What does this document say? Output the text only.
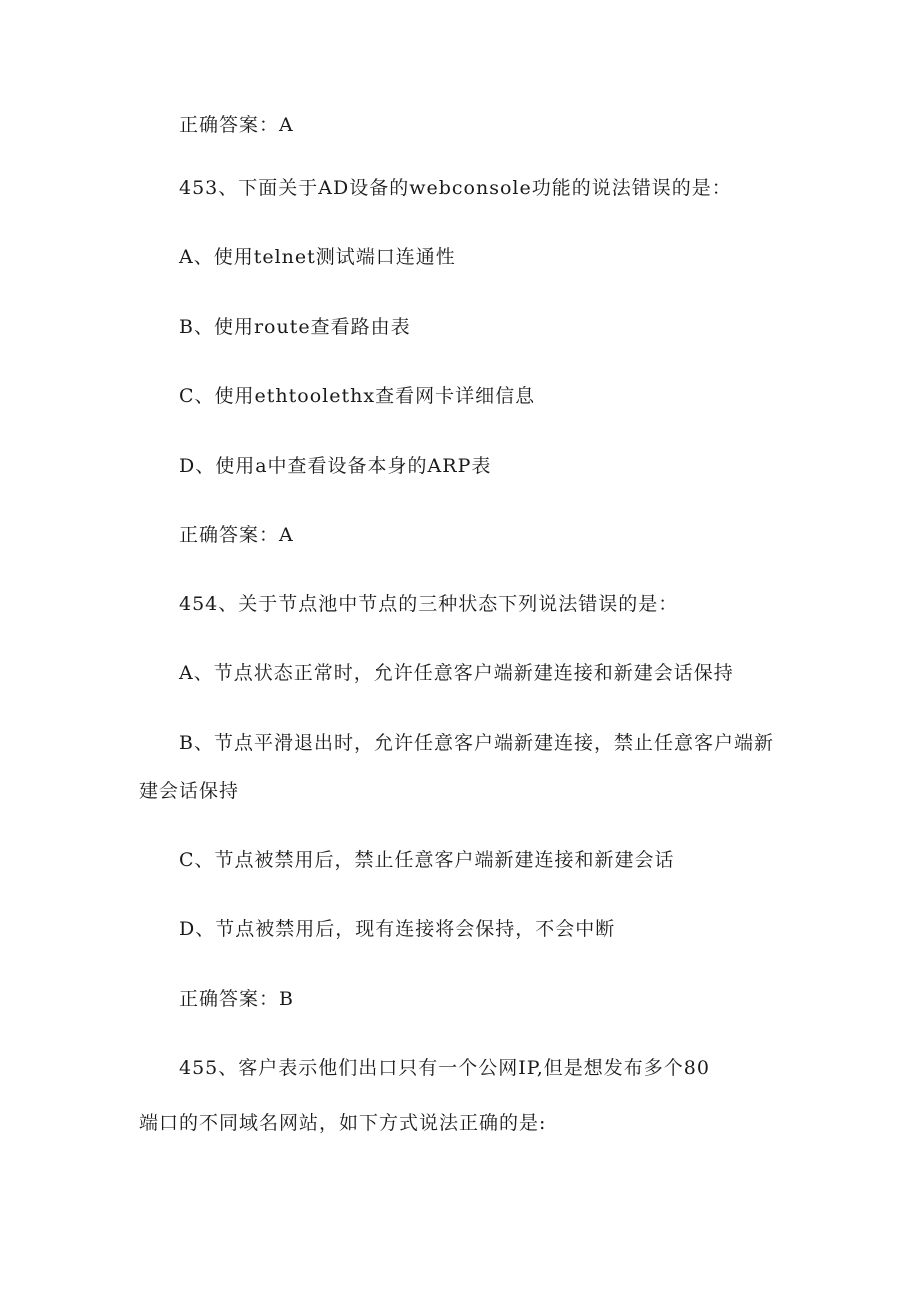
正确答案：A
453、下面关于AD设备的webconsole功能的说法错误的是：
A、使用telnet测试端口连通性
B、使用route查看路由表
C、使用ethtoolethx查看网卡详细信息
D、使用a中查看设备本身的ARP表
正确答案：A
454、关于节点池中节点的三种状态下列说法错误的是：
A、节点状态正常时，允许任意客户端新建连接和新建会话保持
B、节点平滑退出时，允许任意客户端新建连接，禁止任意客户端新
建会话保持
C、节点被禁用后，禁止任意客户端新建连接和新建会话
D、节点被禁用后，现有连接将会保持，不会中断
正确答案：B
455、客户表示他们出口只有一个公网IP,但是想发布多个80
端口的不同域名网站，如下方式说法正确的是:
